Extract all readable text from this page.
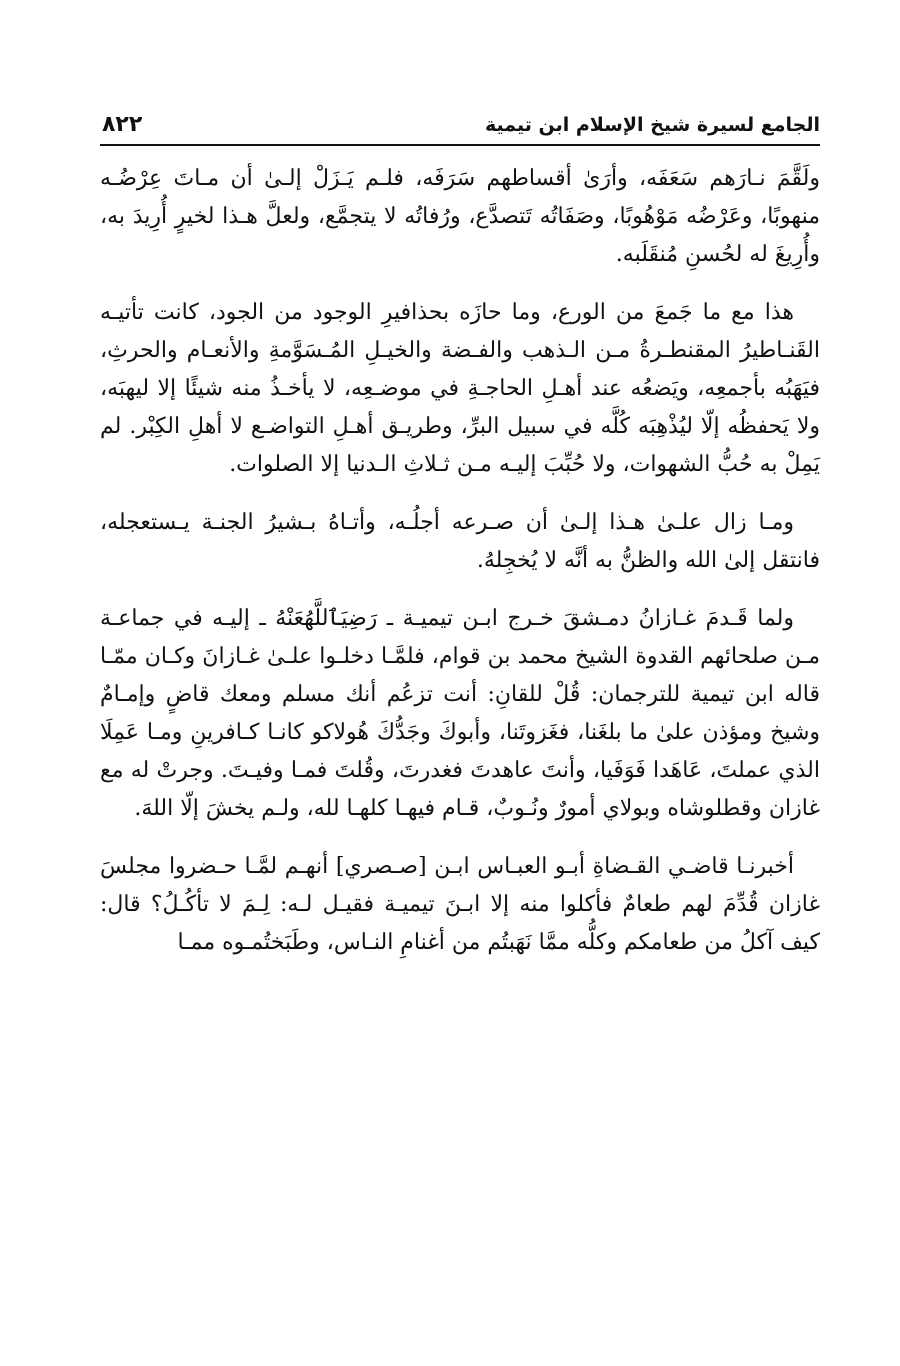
الجامع لسيرة شيخ الإسلام ابن تيمية
٨٢٢

ولَقَّمَ نـارَهم سَعَفَه، وأرَىٰ أقساطهم سَرَفَه، فلـم يَـزَلْ إلـىٰ أن مـاتَ عِرْضُـه منهوبًا، وعَرْضُه مَوْهُوبًا، وصَفَاتُه تَتصدَّع، ورُفاتُه لا يتجمَّع، ولعلَّ هـذا لخيرٍ أُرِيدَ به، وأُرِيغَ له لحُسنِ مُنقَلَبه.

هذا مع ما جَمعَ من الورع، وما حازَه بحذافيرِ الوجود من الجود، كانت تأتيـه القَنـاطيرُ المقنطـرةُ مـن الـذهب والفـضة والخيـلِ المُـسَوَّمةِ والأنعـام والحرثِ، فيَهَبُه بأجمعِه، ويَضعُه عند أهـلِ الحاجـةِ في موضـعِه، لا يأخـذُ منه شيئًا إلا ليهبَه، ولا يَحفظُه إلّا ليُذْهِبَه كُلَّه في سبيل البرِّ، وطريـق أهـلِ التواضـع لا أهلِ الكِبْر. لم يَمِلْ به حُبُّ الشهوات، ولا حُبِّبَ إليـه مـن ثـلاثِ الـدنيا إلا الصلوات.

ومـا زال علـىٰ هـذا إلـىٰ أن صـرعه أجلُـه، وأتـاهُ بـشيرُ الجنـة يـستعجله، فانتقل إلىٰ الله والظنُّ به أنَّه لا يُخجِلهُ.

ولما قَـدمَ غـازانُ دمـشقَ خـرج ابـن تيميـة ـ رَضِيَٱللَّهُعَنْهُ ـ إليـه في جماعـة مـن صلحائهم القدوة الشيخ محمد بن قوام، فلمَّـا دخلـوا علـىٰ غـازانَ وكـان ممّـا قاله ابن تيمية للترجمان: قُلْ للقانِ: أنت تزعُم أنك مسلم ومعك قاضٍ وإمـامٌ وشيخ ومؤذن علىٰ ما بلغَنا، فغَزوتَنا، وأبوكَ وجَدُّكَ هُولاكو كانـا كـافرينِ ومـا عَمِلَا الذي عملتَ، عَاهَدا فَوَفَيا، وأنتَ عاهدتَ فغدرتَ، وقُلتَ فمـا وفيـتَ. وجرتْ له مع غازان وقطلوشاه وبولاي أمورٌ ونُـوبٌ، قـام فيهـا كلهـا لله، ولـم يخشَ إلّا اللهَ.

أخبرنـا قاضـي القـضاةِ أبـو العبـاس ابـن [صـصري] أنهـم لمَّـا حـضروا مجلسَ غازان قُدِّمَ لهم طعامٌ فأكلوا منه إلا ابـنَ تيميـة فقيـل لـه: لِـمَ لا تأكُـلُ؟ قال: كيف آكلُ من طعامكم وكلُّه ممَّا نَهَبتُم من أغنامِ النـاس، وطَبَختُمـوه ممـا
